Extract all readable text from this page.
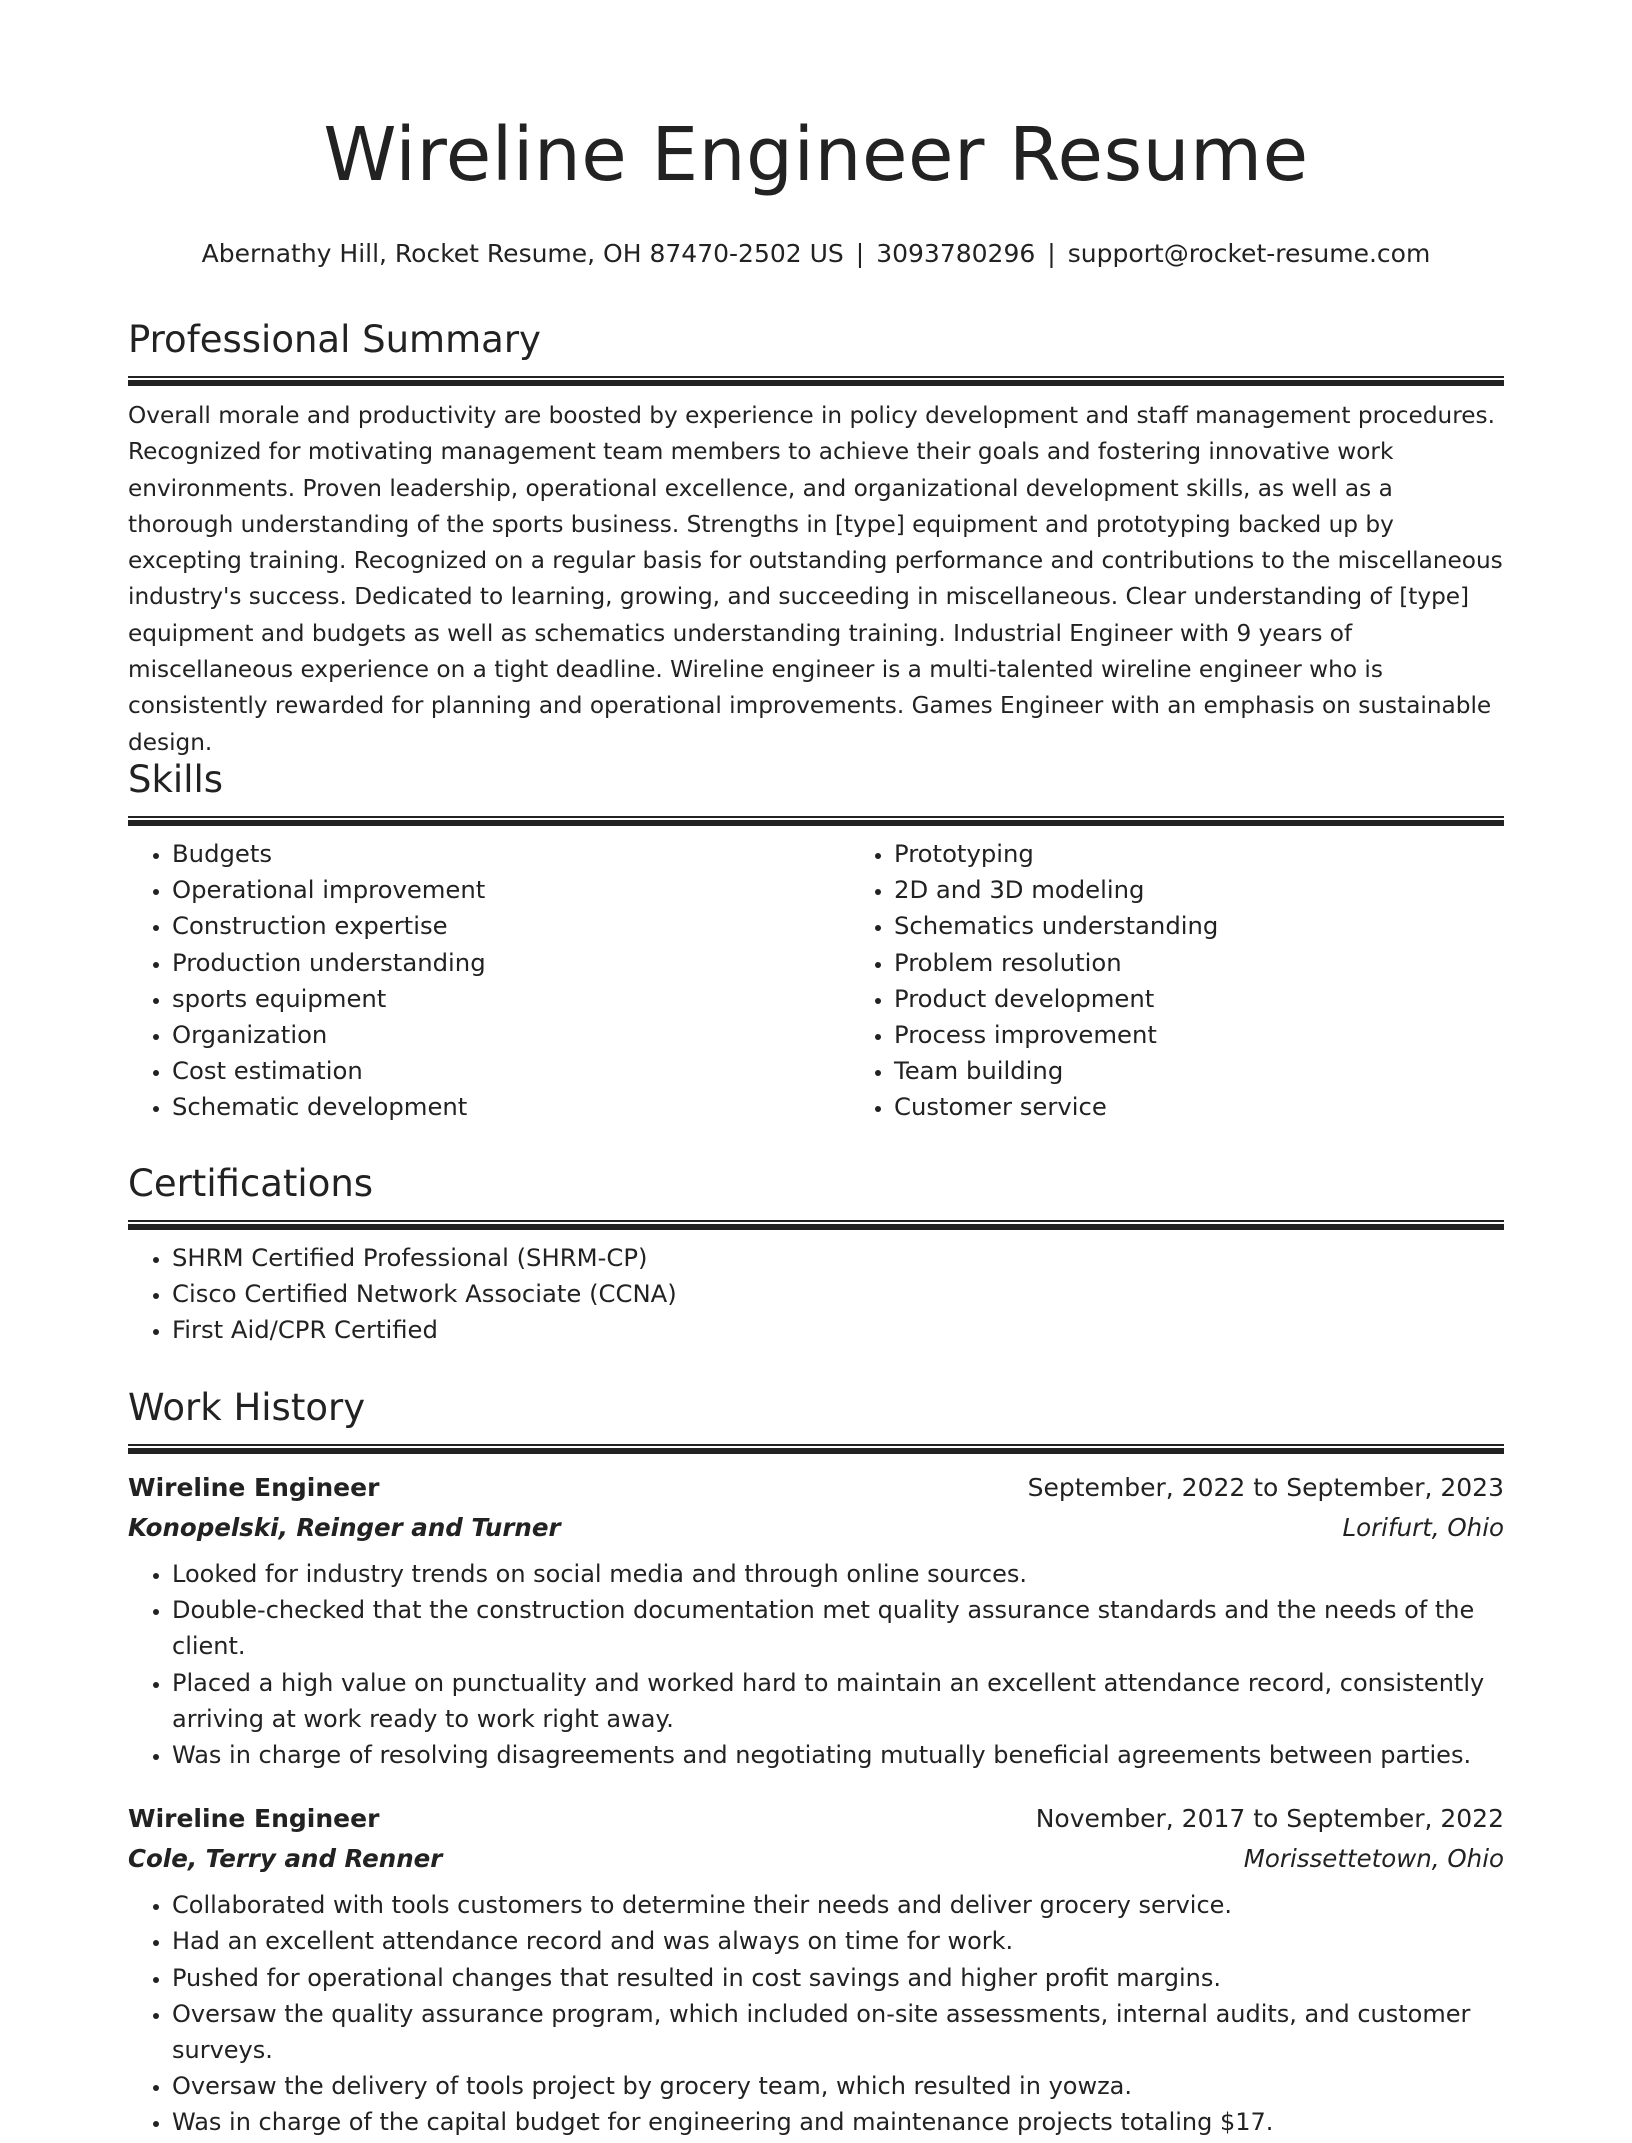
Wireline Engineer Resume
Abernathy Hill, Rocket Resume, OH 87470-2502 US | 3093780296 | support@rocket-resume.com
Professional Summary

Overall morale and productivity are boosted by experience in policy development and staff management procedures. Recognized for motivating management team members to achieve their goals and fostering innovative work environments. Proven leadership, operational excellence, and organizational development skills, as well as a thorough understanding of the sports business. Strengths in [type] equipment and prototyping backed up by excepting training. Recognized on a regular basis for outstanding performance and contributions to the miscellaneous industry's success. Dedicated to learning, growing, and succeeding in miscellaneous. Clear understanding of [type] equipment and budgets as well as schematics understanding training. Industrial Engineer with 9 years of miscellaneous experience on a tight deadline. Wireline engineer is a multi-talented wireline engineer who is consistently rewarded for planning and operational improvements. Games Engineer with an emphasis on sustainable design.

Skills
• Budgets
• Operational improvement
• Construction expertise
• Production understanding
• sports equipment
• Organization
• Cost estimation
• Schematic development
• Prototyping
• 2D and 3D modeling
• Schematics understanding
• Problem resolution
• Product development
• Process improvement
• Team building
• Customer service
Certifications
• SHRM Certified Professional (SHRM-CP)
• Cisco Certified Network Associate (CCNA)
• First Aid/CPR Certified
Work History
Wireline Engineer	September, 2022 to September, 2023
Konopelski, Reinger and Turner	Lorifurt, Ohio
• Looked for industry trends on social media and through online sources.
• Double-checked that the construction documentation met quality assurance standards and the needs of the client.
• Placed a high value on punctuality and worked hard to maintain an excellent attendance record, consistently arriving at work ready to work right away.
• Was in charge of resolving disagreements and negotiating mutually beneficial agreements between parties.
Wireline Engineer	November, 2017 to September, 2022
Cole, Terry and Renner	Morissettetown, Ohio
• Collaborated with tools customers to determine their needs and deliver grocery service.
• Had an excellent attendance record and was always on time for work.
• Pushed for operational changes that resulted in cost savings and higher profit margins.
• Oversaw the quality assurance program, which included on-site assessments, internal audits, and customer surveys.
• Oversaw the delivery of tools project by grocery team, which resulted in yowza.
• Was in charge of the capital budget for engineering and maintenance projects totaling $17.
